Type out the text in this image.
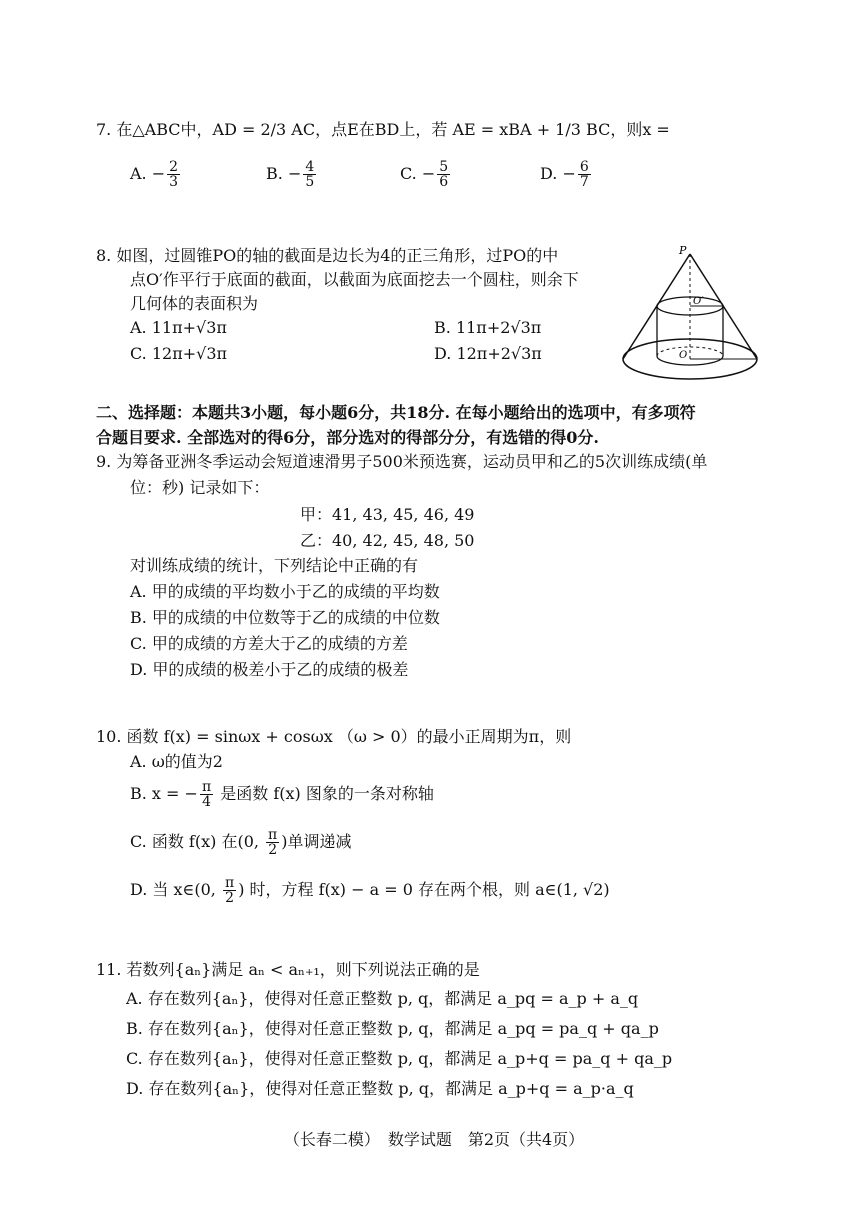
7. 在△ABC中，AD = 2/3 AC，点E在BD上，若 AE = xBA + 1/3 BC，则x =
A. − $\frac{2}{3}$	B. − $\frac{4}{5}$	C. − $\frac{5}{6}$	D. − $\frac{6}{7}$
8. 如图，过圆锥PO的轴的截面是边长为4的正三角形，过PO的中
点O′作平行于底面的截面，以截面为底面挖去一个圆柱，则余下
几何体的表面积为
A. 11π+√3π	B. 11π+2√3π
C. 12π+√3π	D. 12π+2√3π
P
O′
O
二、选择题：本题共3小题，每小题6分，共18分. 在每小题给出的选项中，有多项符
合题目要求. 全部选对的得6分，部分选对的得部分分，有选错的得0分.
9. 为筹备亚洲冬季运动会短道速滑男子500米预选赛，运动员甲和乙的5次训练成绩(单
位：秒) 记录如下：
甲：41, 43, 45, 46, 49
乙：40, 42, 45, 48, 50
对训练成绩的统计，下列结论中正确的有
A. 甲的成绩的平均数小于乙的成绩的平均数
B. 甲的成绩的中位数等于乙的成绩的中位数
C. 甲的成绩的方差大于乙的成绩的方差
D. 甲的成绩的极差小于乙的成绩的极差
10. 函数 f(x) = sinωx + cosωx （ω > 0）的最小正周期为π，则
A. ω的值为2
B. x = − $\frac{\pi}{4}$ 是函数 f(x) 图象的一条对称轴
C. 函数 f(x) 在(0, $\frac{\pi}{2}$ )单调递减
D. 当 x∈(0, $\frac{\pi}{2}$ ) 时，方程 f(x) − a = 0 存在两个根，则 a∈(1, √2)
11. 若数列{aₙ}满足 aₙ < aₙ₊₁，则下列说法正确的是
A. 存在数列{aₙ}，使得对任意正整数 p, q，都满足 a_pq = a_p + a_q
B. 存在数列{aₙ}，使得对任意正整数 p, q，都满足 a_pq = pa_q + qa_p
C. 存在数列{aₙ}，使得对任意正整数 p, q，都满足 a_p+q = pa_q + qa_p
D. 存在数列{aₙ}，使得对任意正整数 p, q，都满足 a_p+q = a_p·a_q
（长春二模）　数学试题　第2页（共4页）
